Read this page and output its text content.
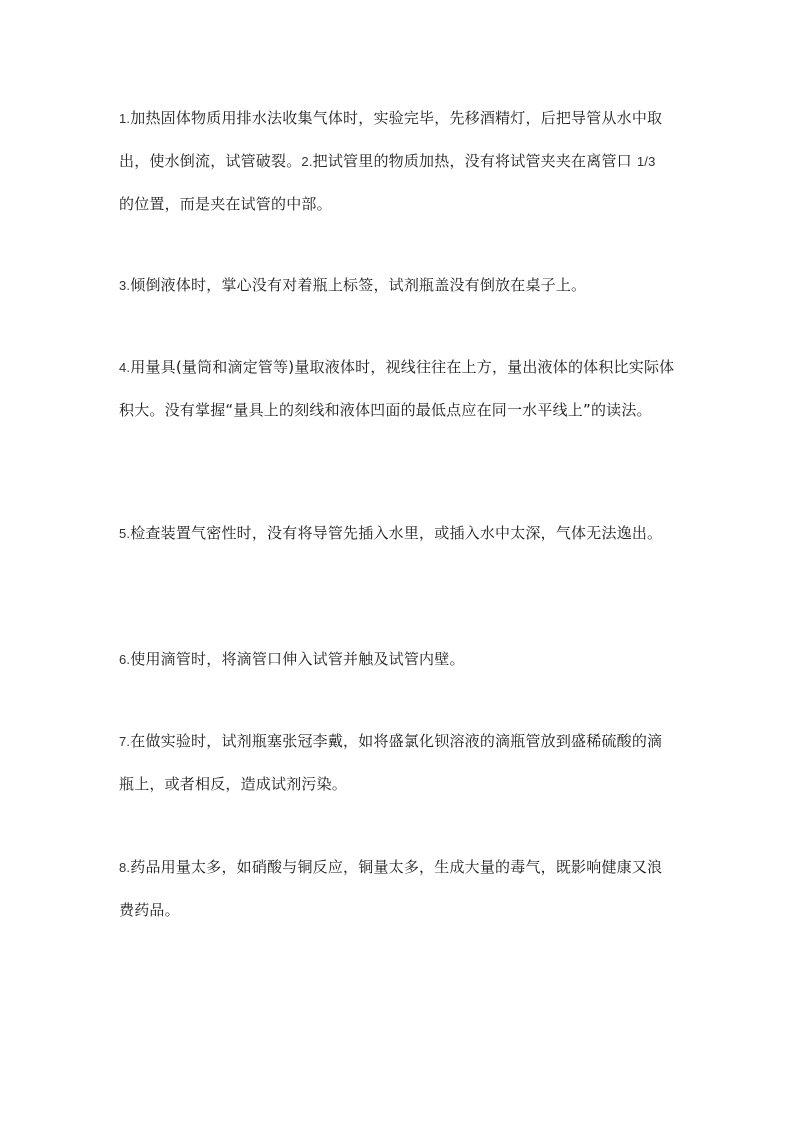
1.加热固体物质用排水法收集气体时，实验完毕，先移酒精灯，后把导管从水中取出，使水倒流，试管破裂。2.把试管里的物质加热，没有将试管夹夹在离管口 1/3 的位置，而是夹在试管的中部。

3.倾倒液体时，掌心没有对着瓶上标签，试剂瓶盖没有倒放在桌子上。

4.用量具(量筒和滴定管等)量取液体时，视线往往在上方，量出液体的体积比实际体积大。没有掌握“量具上的刻线和液体凹面的最低点应在同一水平线上”的读法。

5.检查装置气密性时，没有将导管先插入水里，或插入水中太深，气体无法逸出。

6.使用滴管时，将滴管口伸入试管并触及试管内壁。

7.在做实验时，试剂瓶塞张冠李戴，如将盛氯化钡溶液的滴瓶管放到盛稀硫酸的滴瓶上，或者相反，造成试剂污染。

8.药品用量太多，如硝酸与铜反应，铜量太多，生成大量的毒气，既影响健康又浪费药品。
